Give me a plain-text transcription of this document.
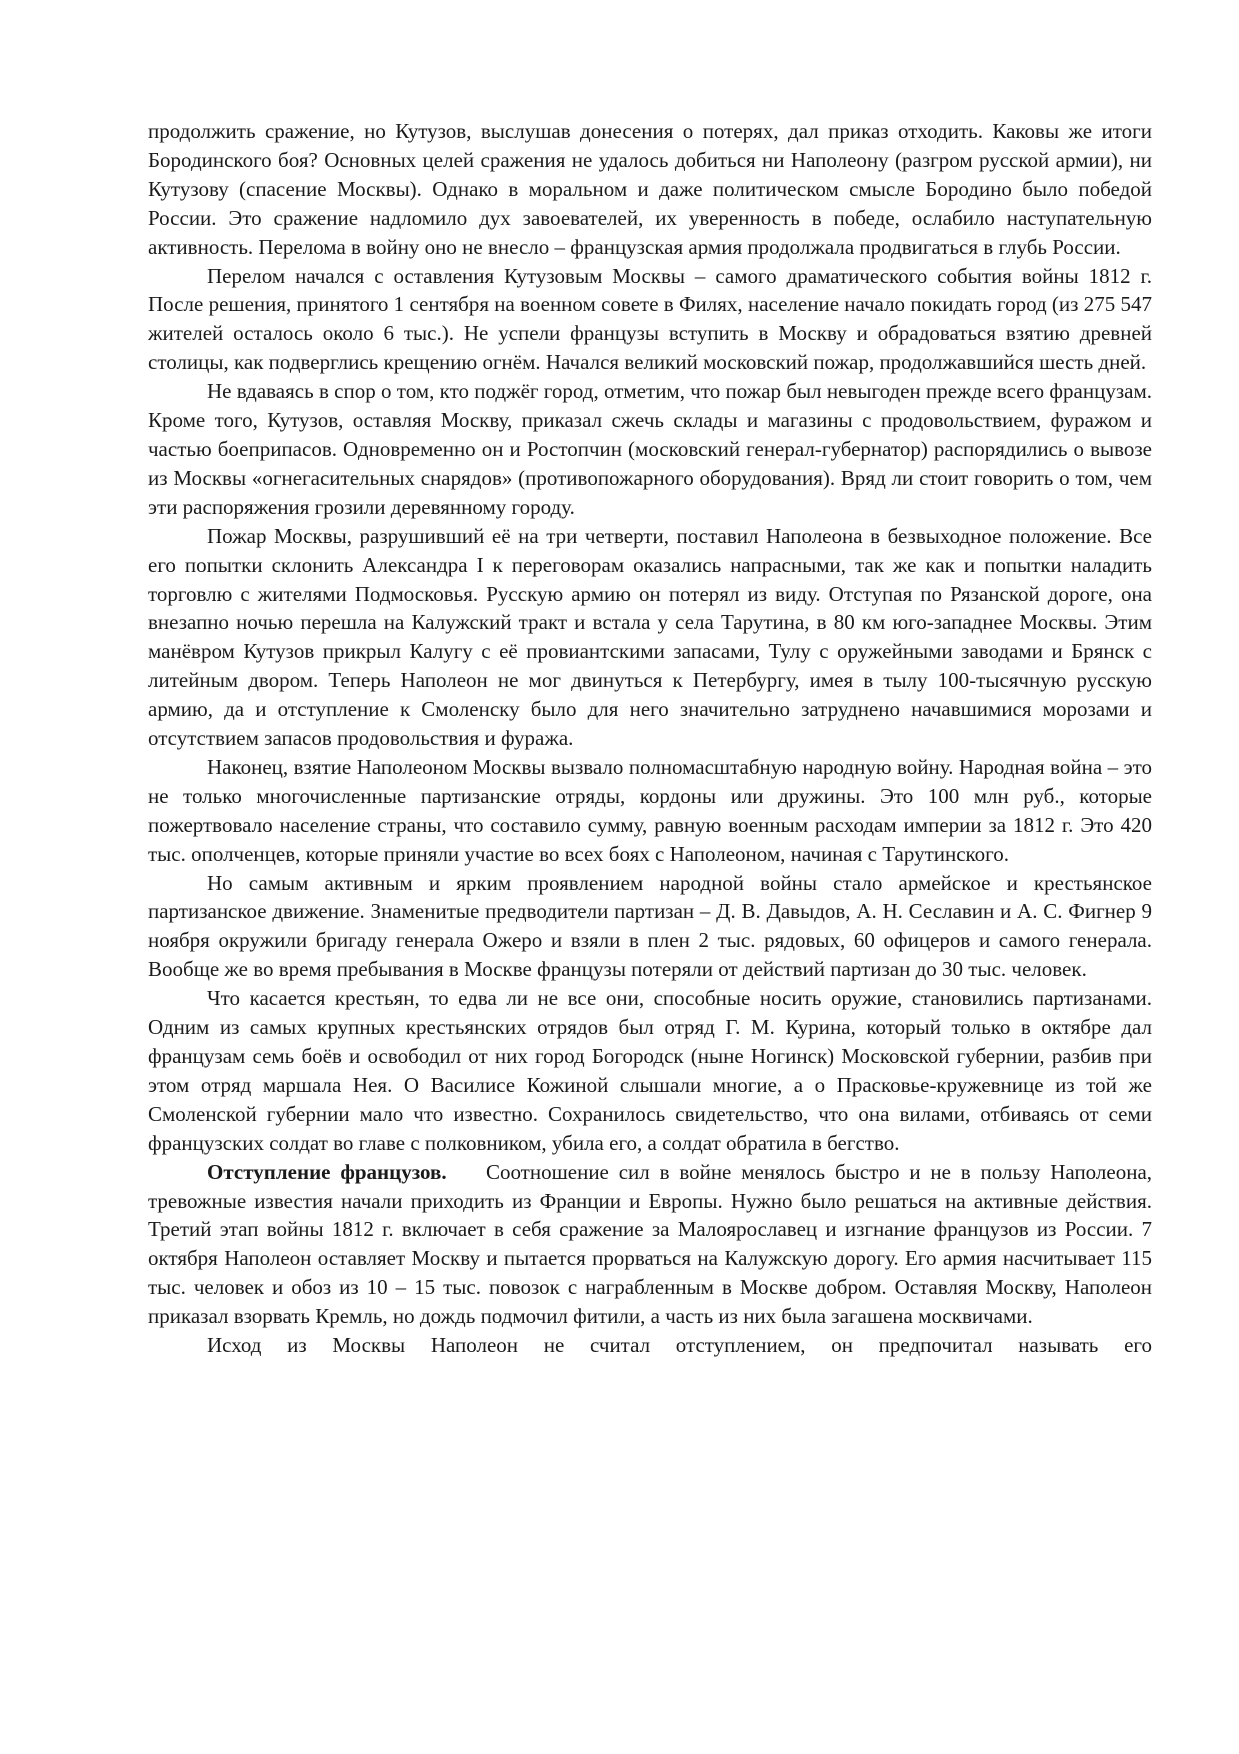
продолжить сражение, но Кутузов, выслушав донесения о потерях, дал приказ отходить. Каковы же итоги Бородинского боя? Основных целей сражения не удалось добиться ни Наполеону (разгром русской армии), ни Кутузову (спасение Москвы). Однако в моральном и даже политическом смысле Бородино было победой России. Это сражение надломило дух завоевателей, их уверенность в победе, ослабило наступательную активность. Перелома в войну оно не внесло – французская армия продолжала продвигаться в глубь России.

Перелом начался с оставления Кутузовым Москвы – самого драматического события войны 1812 г. После решения, принятого 1 сентября на военном совете в Филях, население начало покидать город (из 275 547 жителей осталось около 6 тыс.). Не успели французы вступить в Москву и обрадоваться взятию древней столицы, как подверглись крещению огнём. Начался великий московский пожар, продолжавшийся шесть дней.

Не вдаваясь в спор о том, кто поджёг город, отметим, что пожар был невыгоден прежде всего французам. Кроме того, Кутузов, оставляя Москву, приказал сжечь склады и магазины с продовольствием, фуражом и частью боеприпасов. Одновременно он и Ростопчин (московский генерал-губернатор) распорядились о вывозе из Москвы «огнегасительных снарядов» (противопожарного оборудования). Вряд ли стоит говорить о том, чем эти распоряжения грозили деревянному городу.

Пожар Москвы, разрушивший её на три четверти, поставил Наполеона в безвыходное положение. Все его попытки склонить Александра I к переговорам оказались напрасными, так же как и попытки наладить торговлю с жителями Подмосковья. Русскую армию он потерял из виду. Отступая по Рязанской дороге, она внезапно ночью перешла на Калужский тракт и встала у села Тарутина, в 80 км юго-западнее Москвы. Этим манёвром Кутузов прикрыл Калугу с её провиантскими запасами, Тулу с оружейными заводами и Брянск с литейным двором. Теперь Наполеон не мог двинуться к Петербургу, имея в тылу 100-тысячную русскую армию, да и отступление к Смоленску было для него значительно затруднено начавшимися морозами и отсутствием запасов продовольствия и фуража.

Наконец, взятие Наполеоном Москвы вызвало полномасштабную народную войну. Народная война – это не только многочисленные партизанские отряды, кордоны или дружины. Это 100 млн руб., которые пожертвовало население страны, что составило сумму, равную военным расходам империи за 1812 г. Это 420 тыс. ополченцев, которые приняли участие во всех боях с Наполеоном, начиная с Тарутинского.

Но самым активным и ярким проявлением народной войны стало армейское и крестьянское партизанское движение. Знаменитые предводители партизан – Д. В. Давыдов, А. Н. Сеславин и А. С. Фигнер 9 ноября окружили бригаду генерала Ожеро и взяли в плен 2 тыс. рядовых, 60 офицеров и самого генерала. Вообще же во время пребывания в Москве французы потеряли от действий партизан до 30 тыс. человек.

Что касается крестьян, то едва ли не все они, способные носить оружие, становились партизанами. Одним из самых крупных крестьянских отрядов был отряд Г. М. Курина, который только в октябре дал французам семь боёв и освободил от них город Богородск (ныне Ногинск) Московской губернии, разбив при этом отряд маршала Нея. О Василисе Кожиной слышали многие, а о Прасковье-кружевнице из той же Смоленской губернии мало что известно. Сохранилось свидетельство, что она вилами, отбиваясь от семи французских солдат во главе с полковником, убила его, а солдат обратила в бегство.

Отступление французов. Соотношение сил в войне менялось быстро и не в пользу Наполеона, тревожные известия начали приходить из Франции и Европы. Нужно было решаться на активные действия. Третий этап войны 1812 г. включает в себя сражение за Малоярославец и изгнание французов из России. 7 октября Наполеон оставляет Москву и пытается прорваться на Калужскую дорогу. Его армия насчитывает 115 тыс. человек и обоз из 10 – 15 тыс. повозок с награбленным в Москве добром. Оставляя Москву, Наполеон приказал взорвать Кремль, но дождь подмочил фитили, а часть из них была загашена москвичами.

Исход из Москвы Наполеон не считал отступлением, он предпочитал называть его
